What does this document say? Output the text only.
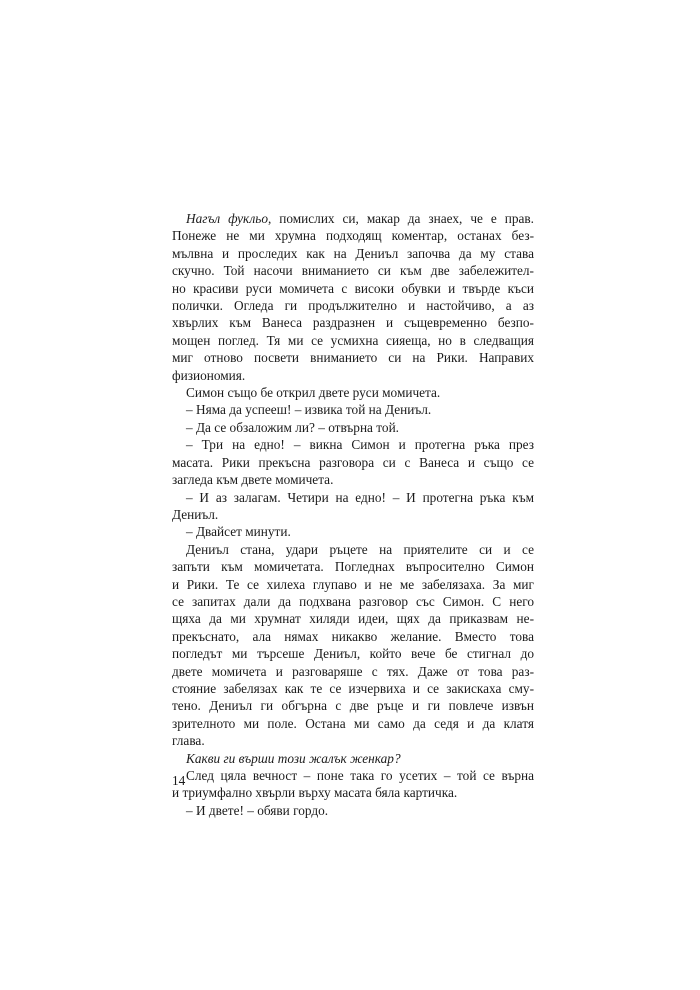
Нагъл фукльо, помислих си, макар да знаех, че е прав.
Понеже не ми хрумна подходящ коментар, останах без-
мълвна и проследих как на Дениъл започва да му става
скучно. Той насочи вниманието си към две забележител-
но красиви руси момичета с високи обувки и твърде къси
полички. Огледа ги продължително и настойчиво, а аз
хвърлих към Ванеса раздразнен и същевременно безпо-
мощен поглед. Тя ми се усмихна сияеща, но в следващия
миг отново посвети вниманието си на Рики. Направих
физиономия.
Симон също бе открил двете руси момичета.
– Няма да успееш! – извика той на Дениъл.
– Да се обзаложим ли? – отвърна той.
– Три на едно! – викна Симон и протегна ръка през
масата. Рики прекъсна разговора си с Ванеса и също се
загледа към двете момичета.
– И аз залагам. Четири на едно! – И протегна ръка към
Дениъл.
– Двайсет минути.
Дениъл стана, удари ръцете на приятелите си и се
запъти към момичетата. Погледнах въпросително Симон
и Рики. Те се хилеха глупаво и не ме забелязаха. За миг
се запитах дали да подхвана разговор със Симон. С него
щяха да ми хрумнат хиляди идеи, щях да приказвам не-
прекъснато, ала нямах никакво желание. Вместо това
погледът ми търсеше Дениъл, който вече бе стигнал до
двете момичета и разговаряше с тях. Даже от това раз-
стояние забелязах как те се изчервиха и се закискаха сму-
тено. Дениъл ги обгърна с две ръце и ги повлече извън
зрителното ми поле. Остана ми само да седя и да клатя
глава.
Какви ги върши този жалък женкар?
След цяла вечност – поне така го усетих – той се върна
и триумфално хвърли върху масата бяла картичка.
– И двете! – обяви гордо.
14
